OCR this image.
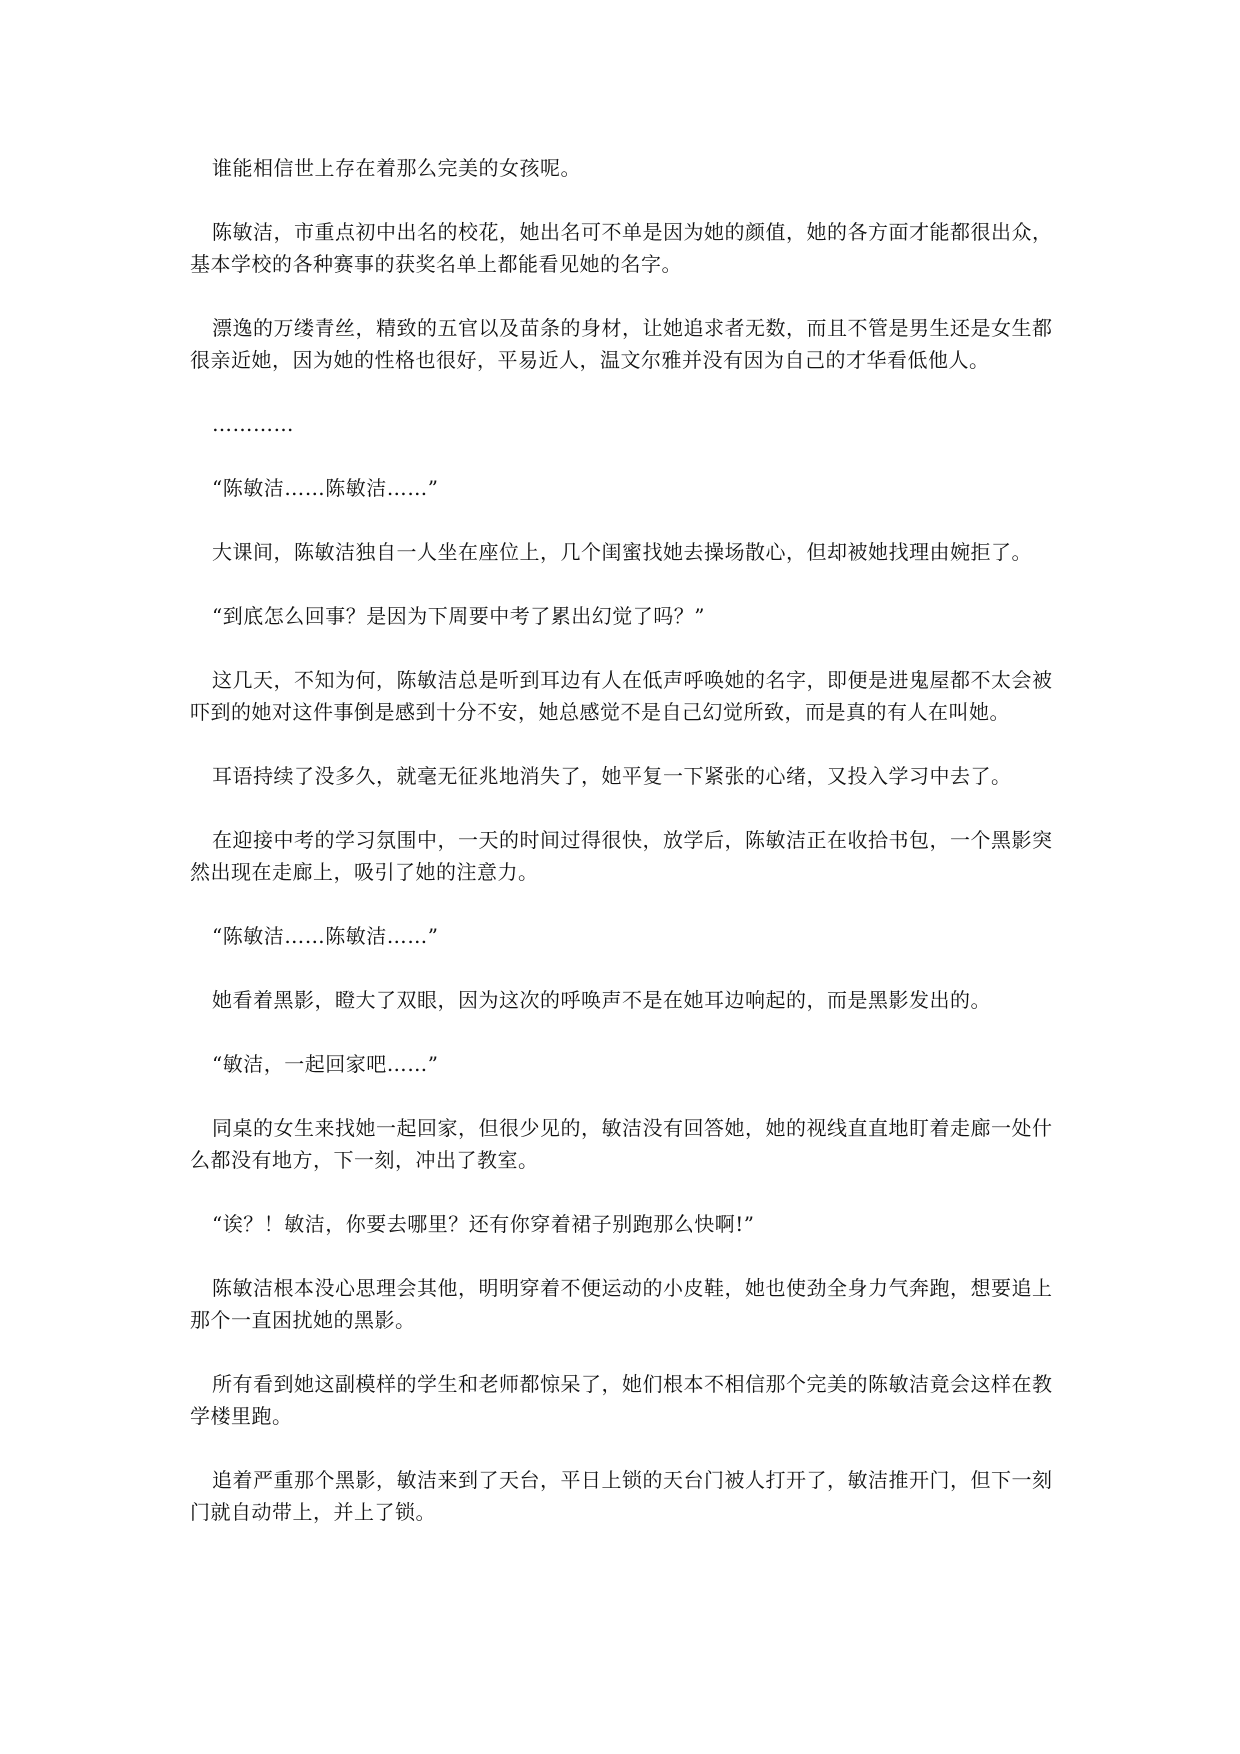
谁能相信世上存在着那么完美的女孩呢。

陈敏洁，市重点初中出名的校花，她出名可不单是因为她的颜值，她的各方面才能都很出众，基本学校的各种赛事的获奖名单上都能看见她的名字。

漂逸的万缕青丝，精致的五官以及苗条的身材，让她追求者无数，而且不管是男生还是女生都很亲近她，因为她的性格也很好，平易近人，温文尔雅并没有因为自己的才华看低他人。

…………

“陈敏洁……陈敏洁……”

大课间，陈敏洁独自一人坐在座位上，几个闺蜜找她去操场散心，但却被她找理由婉拒了。

“到底怎么回事？是因为下周要中考了累出幻觉了吗？”

这几天，不知为何，陈敏洁总是听到耳边有人在低声呼唤她的名字，即便是进鬼屋都不太会被吓到的她对这件事倒是感到十分不安，她总感觉不是自己幻觉所致，而是真的有人在叫她。

耳语持续了没多久，就毫无征兆地消失了，她平复一下紧张的心绪，又投入学习中去了。

在迎接中考的学习氛围中，一天的时间过得很快，放学后，陈敏洁正在收拾书包，一个黑影突然出现在走廊上，吸引了她的注意力。

“陈敏洁……陈敏洁……”

她看着黑影，瞪大了双眼，因为这次的呼唤声不是在她耳边响起的，而是黑影发出的。

“敏洁，一起回家吧……”

同桌的女生来找她一起回家，但很少见的，敏洁没有回答她，她的视线直直地盯着走廊一处什么都没有地方，下一刻，冲出了教室。

“诶？！敏洁，你要去哪里？还有你穿着裙子别跑那么快啊!”

陈敏洁根本没心思理会其他，明明穿着不便运动的小皮鞋，她也使劲全身力气奔跑，想要追上那个一直困扰她的黑影。

所有看到她这副模样的学生和老师都惊呆了，她们根本不相信那个完美的陈敏洁竟会这样在教学楼里跑。

追着严重那个黑影，敏洁来到了天台，平日上锁的天台门被人打开了，敏洁推开门，但下一刻门就自动带上，并上了锁。
